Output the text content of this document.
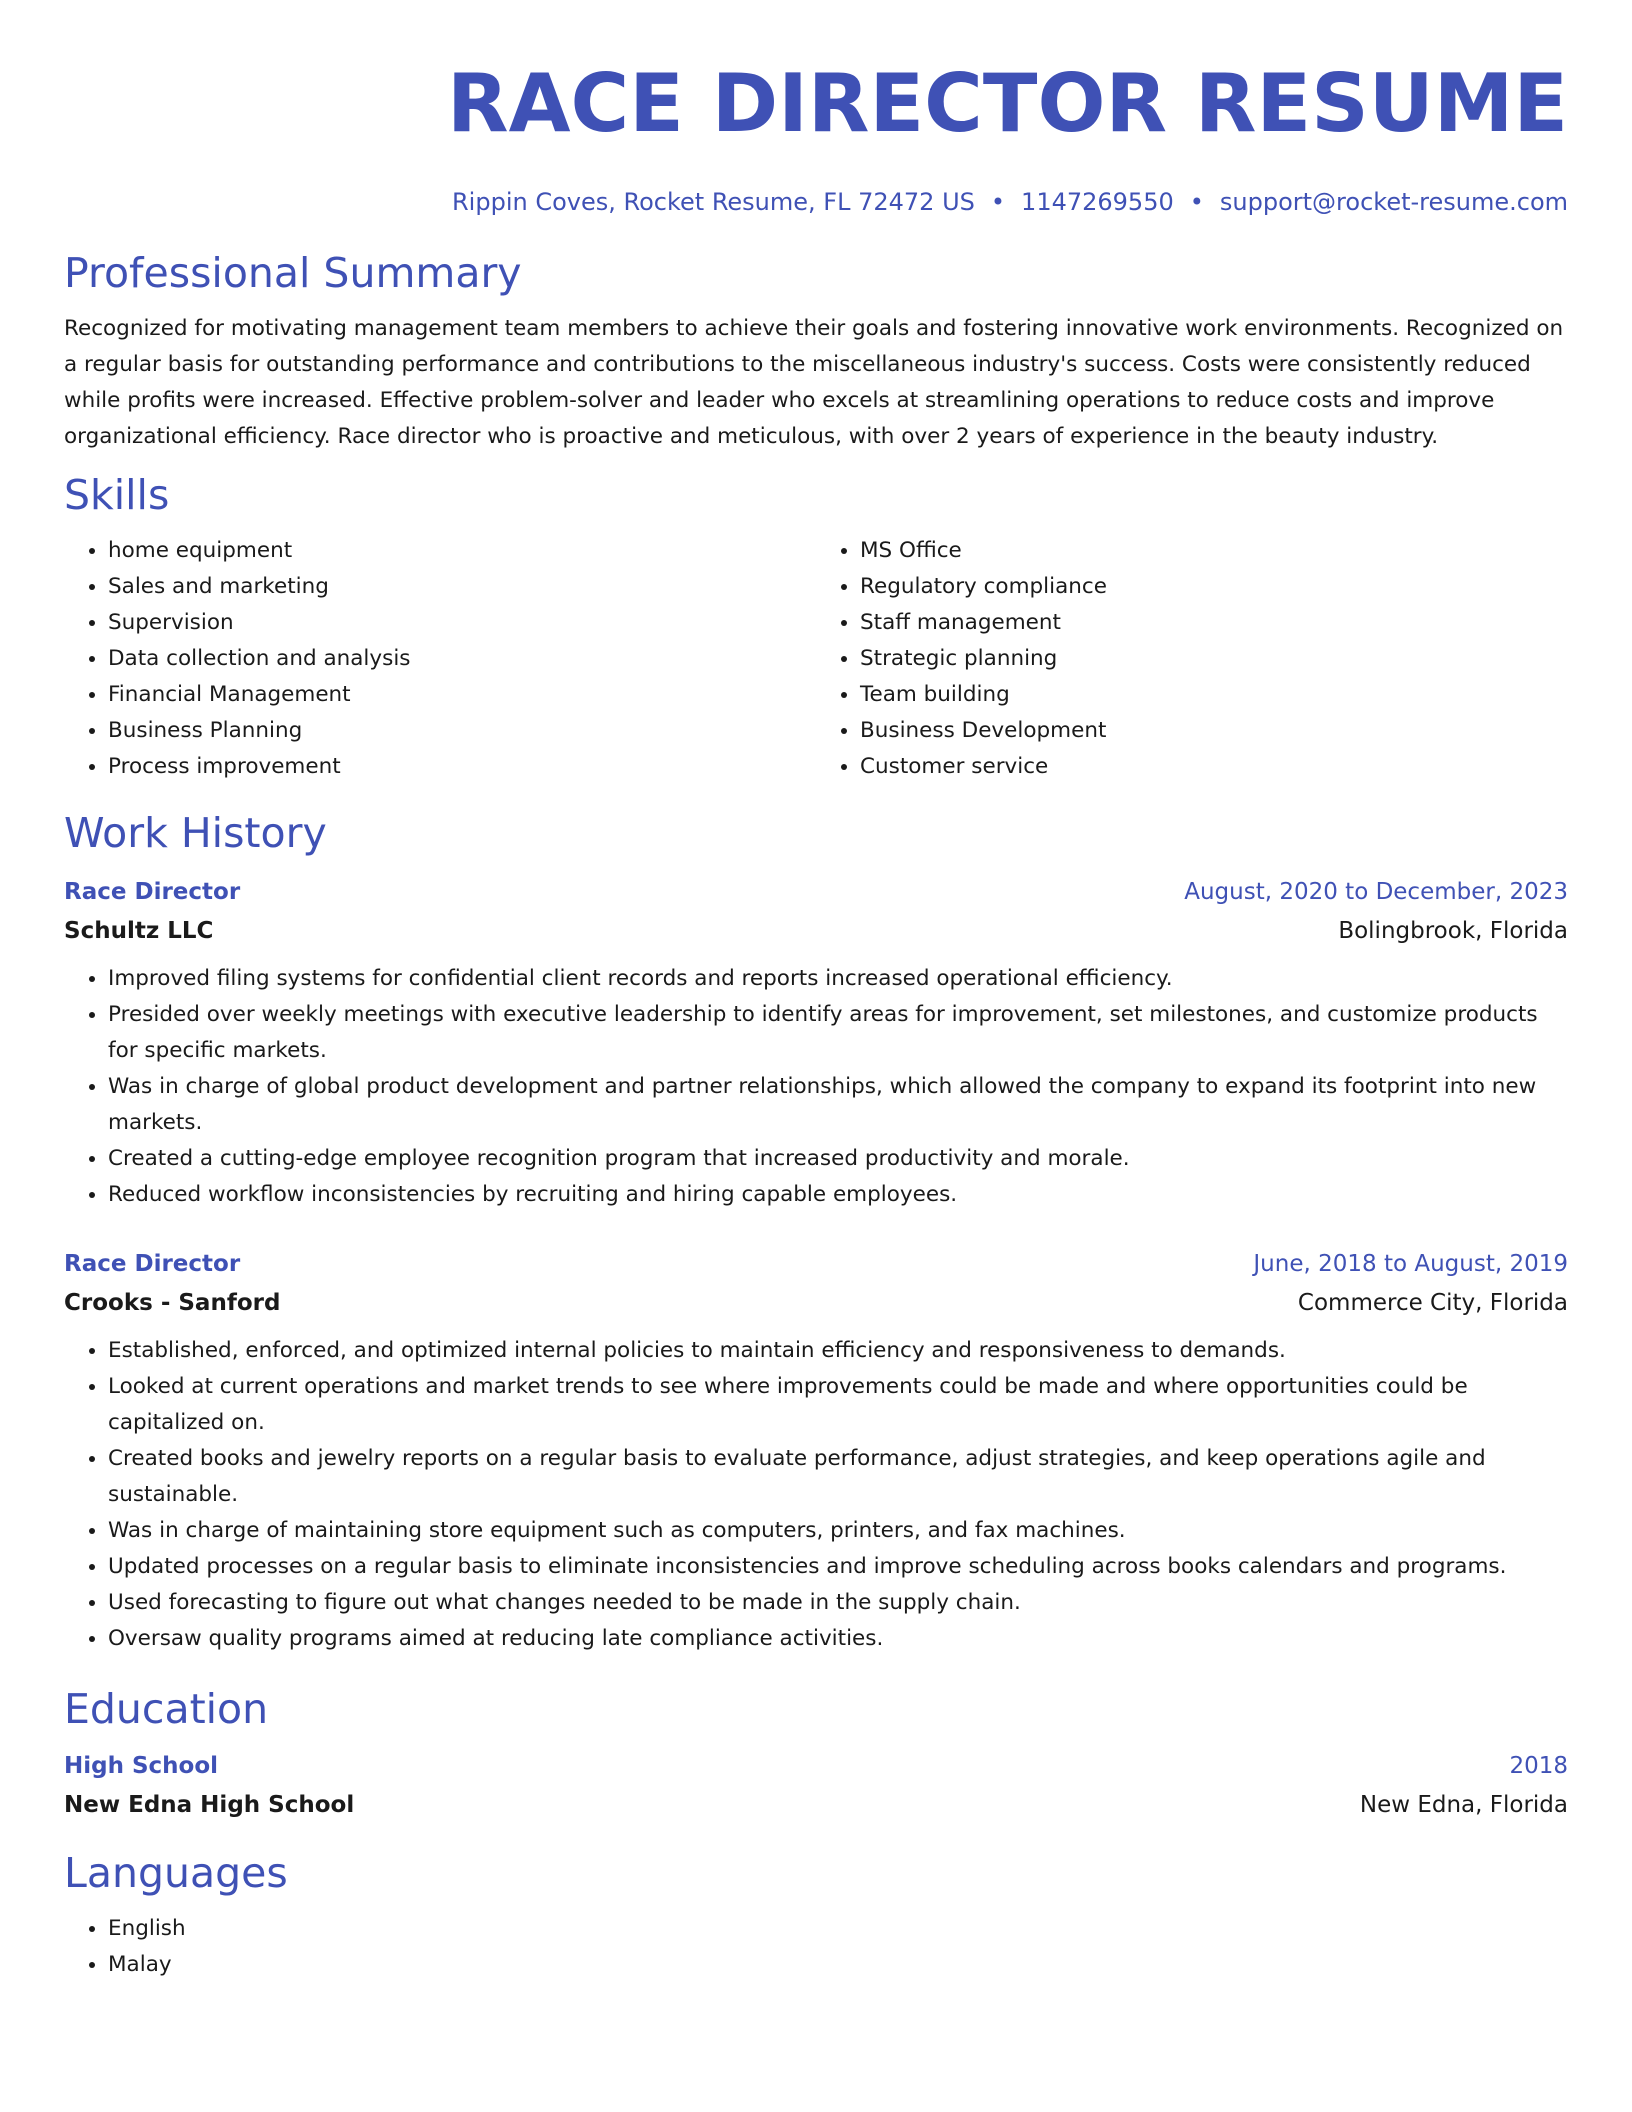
RACE DIRECTOR RESUME
Rippin Coves, Rocket Resume, FL 72472 US • 1147269550 • support@rocket-resume.com
Professional Summary

Recognized for motivating management team members to achieve their goals and fostering innovative work environments. Recognized on a regular basis for outstanding performance and contributions to the miscellaneous industry's success. Costs were consistently reduced while profits were increased. Effective problem-solver and leader who excels at streamlining operations to reduce costs and improve organizational efficiency. Race director who is proactive and meticulous, with over 2 years of experience in the beauty industry.

Skills
• home equipment
• Sales and marketing
• Supervision
• Data collection and analysis
• Financial Management
• Business Planning
• Process improvement
• MS Office
• Regulatory compliance
• Staff management
• Strategic planning
• Team building
• Business Development
• Customer service
Work History
Race Director	August, 2020 to December, 2023
Schultz LLC	Bolingbrook, Florida
• Improved filing systems for confidential client records and reports increased operational efficiency.
• Presided over weekly meetings with executive leadership to identify areas for improvement, set milestones, and customize products for specific markets.
• Was in charge of global product development and partner relationships, which allowed the company to expand its footprint into new markets.
• Created a cutting-edge employee recognition program that increased productivity and morale.
• Reduced workflow inconsistencies by recruiting and hiring capable employees.
Race Director	June, 2018 to August, 2019
Crooks - Sanford	Commerce City, Florida
• Established, enforced, and optimized internal policies to maintain efficiency and responsiveness to demands.
• Looked at current operations and market trends to see where improvements could be made and where opportunities could be capitalized on.
• Created books and jewelry reports on a regular basis to evaluate performance, adjust strategies, and keep operations agile and sustainable.
• Was in charge of maintaining store equipment such as computers, printers, and fax machines.
• Updated processes on a regular basis to eliminate inconsistencies and improve scheduling across books calendars and programs.
• Used forecasting to figure out what changes needed to be made in the supply chain.
• Oversaw quality programs aimed at reducing late compliance activities.
Education
High School	2018
New Edna High School	New Edna, Florida
Languages
• English
• Malay
